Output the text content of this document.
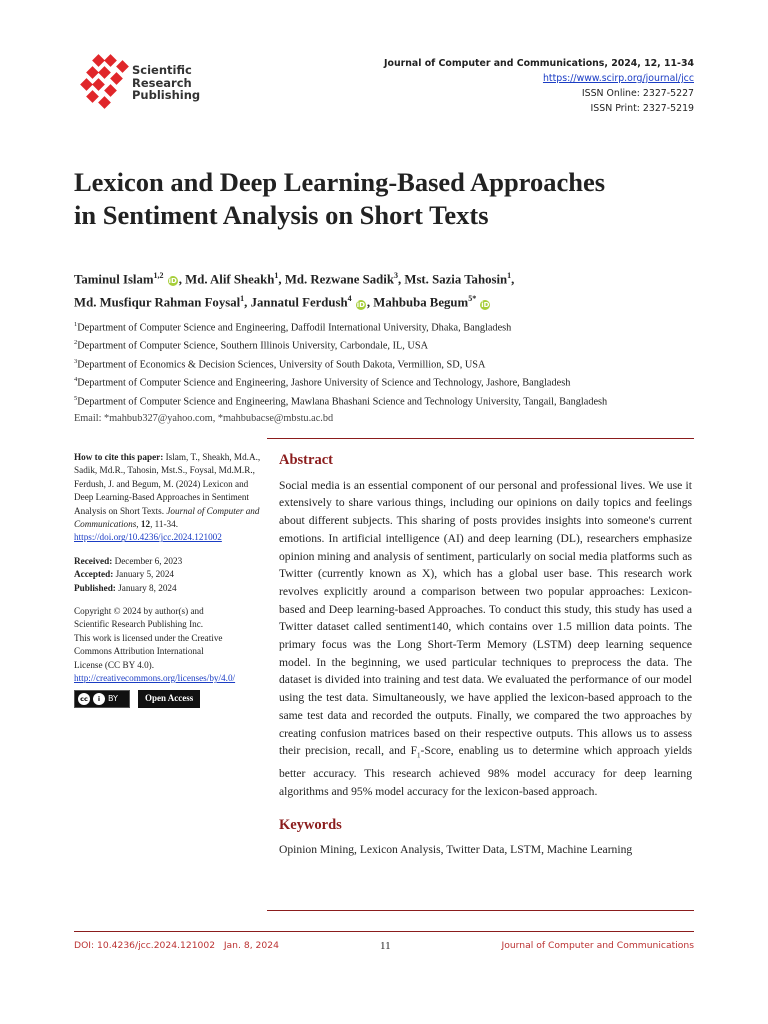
Scientific
Research
Publishing
Journal of Computer and Communications, 2024, 12, 11-34
https://www.scirp.org/journal/jcc
ISSN Online: 2327-5227
ISSN Print: 2327-5219
Lexicon and Deep Learning-Based Approaches
in Sentiment Analysis on Short Texts
Taminul Islam$^{1,2}$ iD , Md. Alif Sheakh$^1$, Md. Rezwane Sadik$^3$, Mst. Sazia Tahosin$^1$,
Md. Musfiqur Rahman Foysal$^1$, Jannatul Ferdush$^4$ iD , Mahbuba Begum$^{5*}$ iD
$^1$Department of Computer Science and Engineering, Daffodil International University, Dhaka, Bangladesh
$^2$Department of Computer Science, Southern Illinois University, Carbondale, IL, USA
$^3$Department of Economics & Decision Sciences, University of South Dakota, Vermillion, SD, USA
$^4$Department of Computer Science and Engineering, Jashore University of Science and Technology, Jashore, Bangladesh
$^5$Department of Computer Science and Engineering, Mawlana Bhashani Science and Technology University, Tangail, Bangladesh
Email: *mahbub327@yahoo.com, *mahbubacse@mbstu.ac.bd

How to cite this paper: Islam, T., Sheakh, Md.A., Sadik, Md.R., Tahosin, Mst.S., Foysal, Md.M.R., Ferdush, J. and Begum, M. (2024) Lexicon and Deep Learning-Based Approaches in Sentiment Analysis on Short Texts. Journal of Computer and Communications, 12, 11-34.
https://doi.org/10.4236/jcc.2024.121002

Received: December 6, 2023
Accepted: January 5, 2024
Published: January 8, 2024

Copyright © 2024 by author(s) and
Scientific Research Publishing Inc.
This work is licensed under the Creative
Commons Attribution International
License (CC BY 4.0).
http://creativecommons.org/licenses/by/4.0/

cc	i BY	Open Access
Abstract

Social media is an essential component of our personal and professional lives. We use it extensively to share various things, including our opinions on daily topics and feelings about different subjects. This sharing of posts provides insights into someone's current emotions. In artificial intelligence (AI) and deep learning (DL), researchers emphasize opinion mining and analysis of sentiment, particularly on social media platforms such as Twitter (currently known as X), which has a global user base. This research work revolves explicitly around a comparison between two popular approaches: Lexicon-based and Deep learning-based Approaches. To conduct this study, this study has used a Twitter dataset called sentiment140, which contains over 1.5 million data points. The primary focus was the Long Short-Term Memory (LSTM) deep learning sequence model. In the beginning, we used particular techniques to preprocess the data. The dataset is divided into training and test data. We evaluated the performance of our model using the test data. Simultaneously, we have applied the lexicon-based approach to the same test data and recorded the outputs. Finally, we compared the two approaches by creating confusion matrices based on their respective outputs. This allows us to assess their precision, recall, and $F_1$-Score, enabling us to determine which approach yields better accuracy. This research achieved 98% model accuracy for deep learning algorithms and 95% model accuracy for the lexicon-based approach.

Keywords

Opinion Mining, Lexicon Analysis, Twitter Data, LSTM, Machine Learning

DOI: 10.4236/jcc.2024.121002 Jan. 8, 2024	11	Journal of Computer and Communications
